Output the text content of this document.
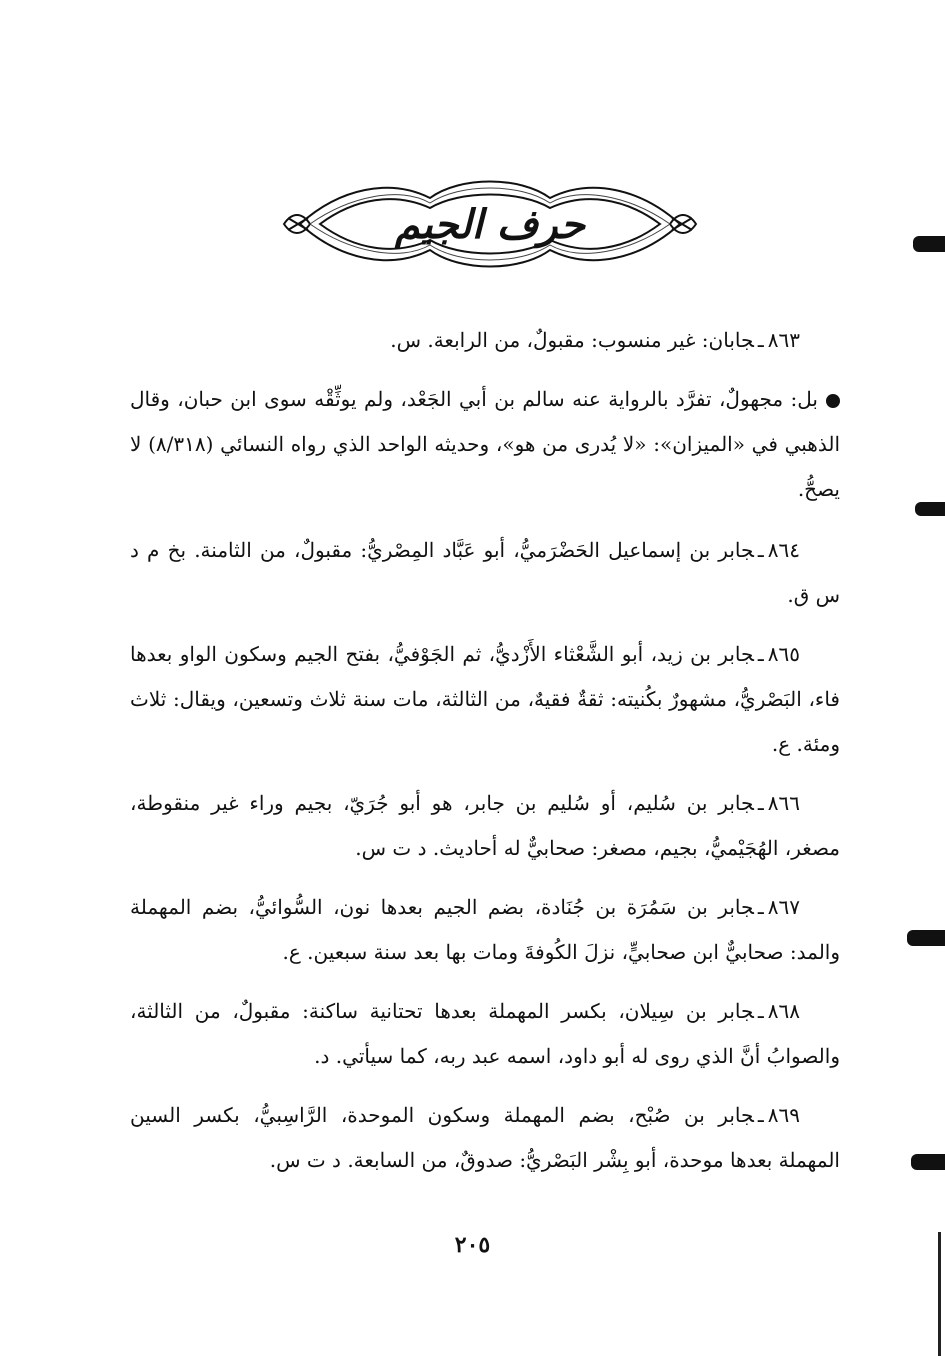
حرف الجيم

٨٦٣ـجابان: غير منسوب: مقبولٌ، من الرابعة. س.

بل: مجهولٌ، تفرَّد بالرواية عنه سالم بن أبي الجَعْد، ولم يوثِّقْه سوى ابن حبان، وقال الذهبي في «الميزان»: «لا يُدرى من هو»، وحديثه الواحد الذي رواه النسائي (٨/٣١٨) لا يصحُّ.

٨٦٤ـجابر بن إسماعيل الحَضْرَميُّ، أبو عَبَّاد المِصْريُّ: مقبولٌ، من الثامنة. بخ م د س ق.

٨٦٥ـجابر بن زيد، أبو الشَّعْثاء الأَزْديُّ، ثم الجَوْفيُّ، بفتح الجيم وسكون الواو بعدها فاء، البَصْريُّ، مشهورٌ بكُنيته: ثقةٌ فقيهٌ، من الثالثة، مات سنة ثلاث وتسعين، ويقال: ثلاث ومئة. ع.

٨٦٦ـجابر بن سُليم، أو سُليم بن جابر، هو أبو جُرَيّ، بجيم وراء غير منقوطة، مصغر، الهُجَيْميُّ، بجيم، مصغر: صحابيٌّ له أحاديث. د ت س.

٨٦٧ـجابر بن سَمُرَة بن جُنَادة، بضم الجيم بعدها نون، السُّوائيُّ، بضم المهملة والمد: صحابيٌّ ابن صحابيٍّ، نزلَ الكُوفةَ ومات بها بعد سنة سبعين. ع.

٨٦٨ـجابر بن سِيلان، بكسر المهملة بعدها تحتانية ساكنة: مقبولٌ، من الثالثة، والصوابُ أنَّ الذي روى له أبو داود، اسمه عبد ربه، كما سيأتي. د.

٨٦٩ـجابر بن صُبْح، بضم المهملة وسكون الموحدة، الرَّاسِبيُّ، بكسر السين المهملة بعدها موحدة، أبو بِشْر البَصْريُّ: صدوقٌ، من السابعة. د ت س.

٢٠٥
